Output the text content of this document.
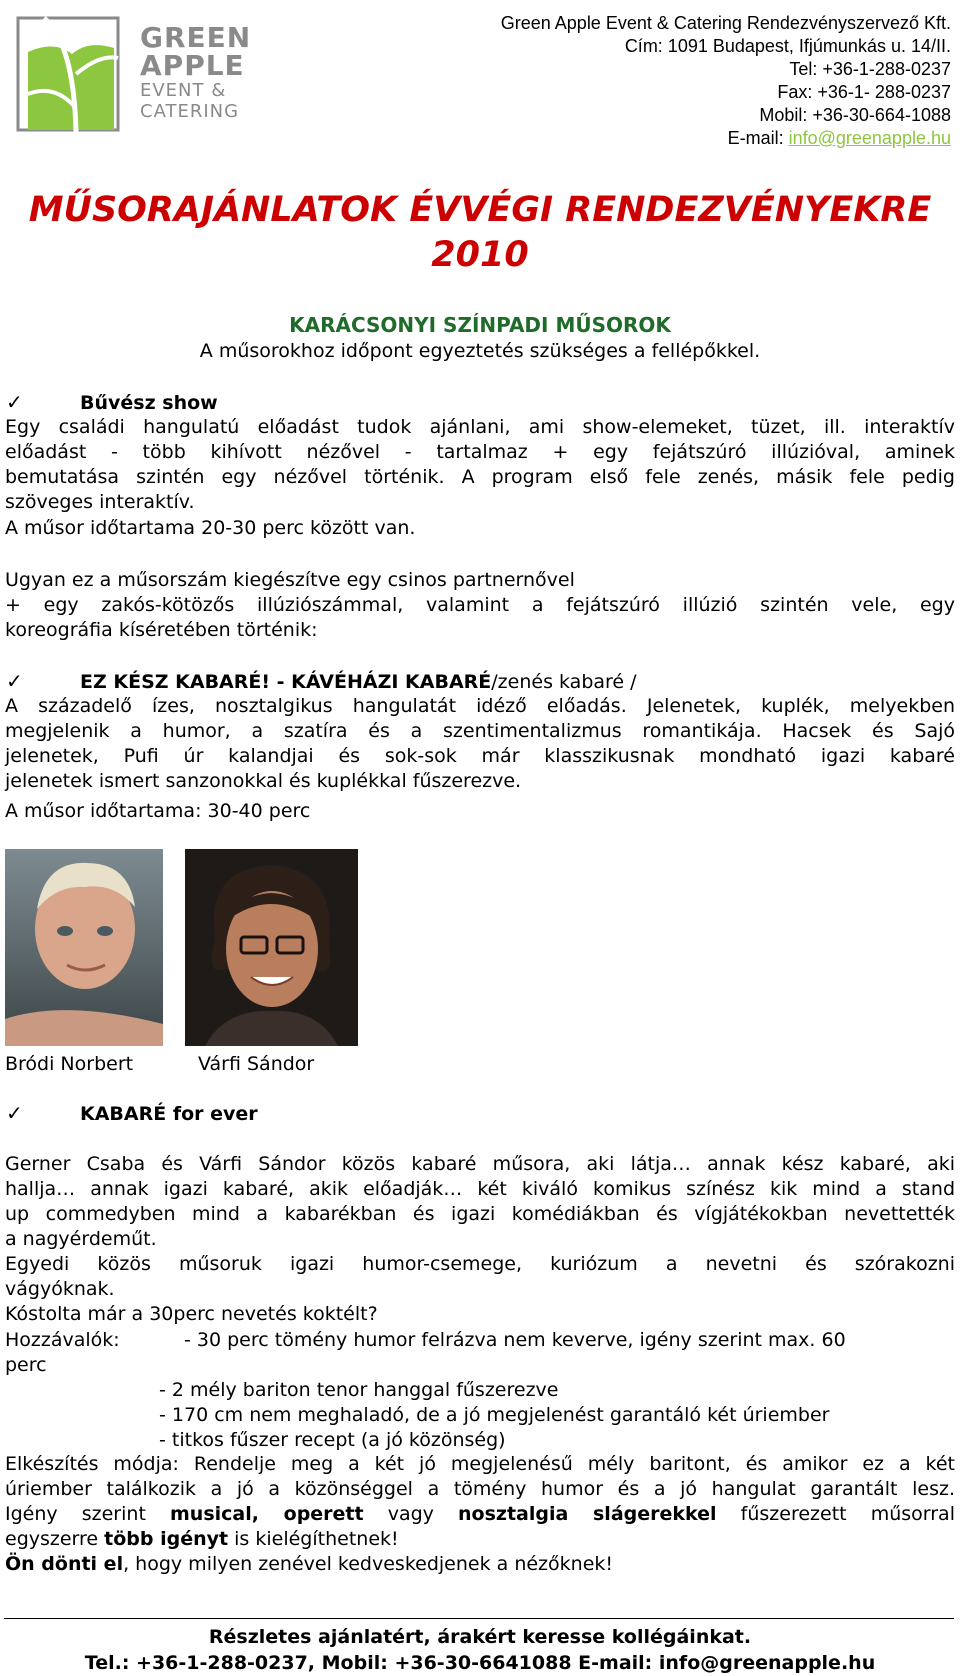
GREEN
APPLE
EVENT &
CATERING
Green Apple Event & Catering Rendezvényszervező Kft.
Cím: 1091 Budapest, Ifjúmunkás u. 14/II.
Tel: +36-1-288-0237
Fax: +36-1- 288-0237
Mobil: +36-30-664-1088
E-mail: info@greenapple.hu
MŰSORAJÁNLATOK ÉVVÉGI RENDEZVÉNYEKRE
2010
KARÁCSONYI SZÍNPADI MŰSOROK
A műsorokhoz időpont egyeztetés szükséges a fellépőkkel.
✓	Bűvész show
Egy családi hangulatú előadást tudok ajánlani, ami show-elemeket, tüzet, ill. interaktív
előadást - több kihívott nézővel - tartalmaz + egy fejátszúró illúzióval, aminek
bemutatása szintén egy nézővel történik. A program első fele zenés, másik fele pedig
szöveges interaktív.
A műsor időtartama 20-30 perc között van.
Ugyan ez a műsorszám kiegészítve egy csinos partnernővel
+ egy zakós-kötözős illúziószámmal, valamint a fejátszúró illúzió szintén vele, egy
koreográfia kíséretében történik:
✓	EZ KÉSZ KABARÉ! - KÁVÉHÁZI KABARÉ/zenés kabaré /
A századelő ízes, nosztalgikus hangulatát idéző előadás. Jelenetek, kuplék, melyekben
megjelenik a humor, a szatíra és a szentimentalizmus romantikája. Hacsek és Sajó
jelenetek, Pufi úr kalandjai és sok-sok már klasszikusnak mondható igazi kabaré
jelenetek ismert sanzonokkal és kuplékkal fűszerezve.
A műsor időtartama: 30-40 perc
Bródi Norbert	Várfi Sándor
✓	KABARÉ for ever
Gerner Csaba és Várfi Sándor közös kabaré műsora, aki látja… annak kész kabaré, aki
hallja… annak igazi kabaré, akik előadják… két kiváló komikus színész kik mind a stand
up commedyben mind a kabarékban és igazi komédiákban és vígjátékokban nevettették
a nagyérdeműt.
Egyedi közös műsoruk igazi humor-csemege, kuriózum a nevetni és szórakozni
vágyóknak.
Kóstolta már a 30perc nevetés koktélt?
Hozzávalók:	- 30 perc tömény humor felrázva nem keverve, igény szerint max. 60
perc
- 2 mély bariton tenor hanggal fűszerezve
- 170 cm nem meghaladó, de a jó megjelenést garantáló két úriember
- titkos fűszer recept (a jó közönség)
Elkészítés módja: Rendelje meg a két jó megjelenésű mély baritont, és amikor ez a két
úriember találkozik a jó a közönséggel a tömény humor és a jó hangulat garantált lesz.
Igény szerint musical, operett vagy nosztalgia slágerekkel fűszerezett műsorral
egyszerre több igényt is kielégíthetnek!
Ön dönti el, hogy milyen zenével kedveskedjenek a nézőknek!
Részletes ajánlatért, árakért keresse kollégáinkat.
Tel.: +36-1-288-0237, Mobil: +36-30-6641088 E-mail: info@greenapple.hu
